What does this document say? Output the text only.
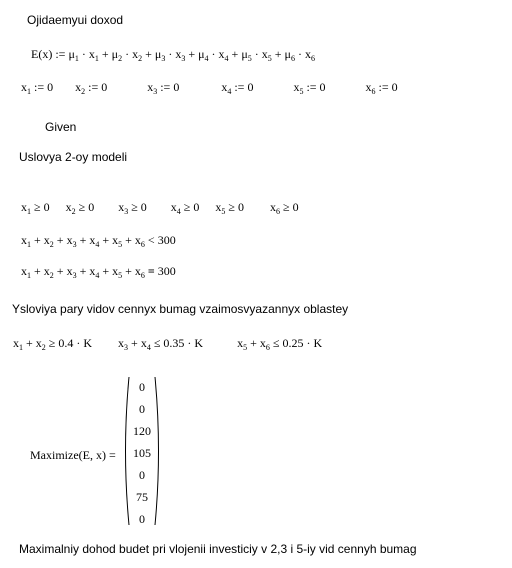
Ojidaemyui doxod
E(x) := $\mu_1 \cdot x_1 + \mu_2 \cdot x_2 + \mu_3 \cdot x_3 + \mu_4 \cdot x_4 + \mu_5 \cdot x_5 + \mu_6 \cdot x_6$
$x_1$ := 0 $x_2$ := 0	$x_3$ := 0	$x_4$ := 0	$x_5$ := 0	$x_6$ := 0
Given
Uslovya 2-oy modeli
$x_1 \ge 0$ $x_2 \ge 0$ $x_3 \ge 0$ $x_4 \ge 0$ $x_5 \ge 0$ $x_6 \ge 0$
$x_1 + x_2 + x_3 + x_4 + x_5 + x_6 < 300$
$x_1 + x_2 + x_3 + x_4 + x_5 + x_6 = 300$
Ysloviya pary vidov cennyx bumag vzaimosvyazannyx oblastey
$x_1 + x_2 \ge 0.4 \cdot K$ $x_3 + x_4 \le 0.35 \cdot K$	$x_5 + x_6 \le 0.25 \cdot K$
Maximize(E, x) =
0
0
120
105
0
75
0
Maximalniy dohod budet pri vlojenii investiciy v 2,3 i 5-iy vid cennyh bumag
